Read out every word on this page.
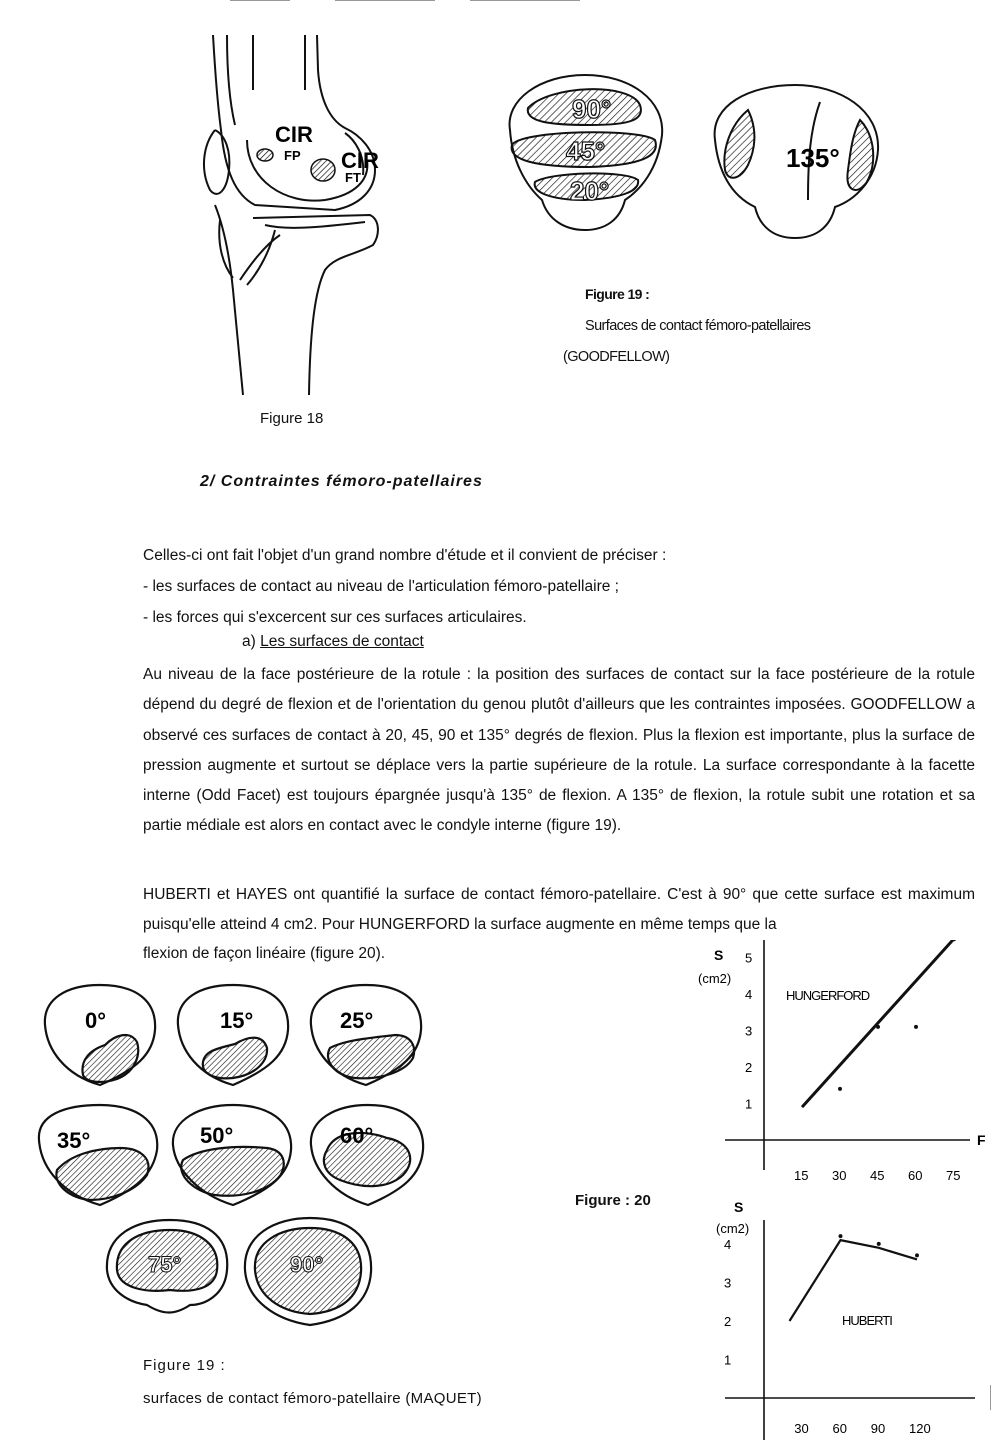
CIR
FP CIR
FT
Figure 18
90°
45°
20°
135°
Figure 19 :
Surfaces de contact fémoro-patellaires
(GOODFELLOW)
2/ Contraintes fémoro-patellaires
Celles-ci ont fait l'objet d'un grand nombre d'étude et il convient de préciser :
- les surfaces de contact au niveau de l'articulation fémoro-patellaire ;
- les forces qui s'excercent sur ces surfaces articulaires.
a) Les surfaces de contact

Au niveau de la face postérieure de la rotule : la position des surfaces de contact sur la face postérieure de la rotule dépend du degré de flexion et de l'orientation du genou plutôt d'ailleurs que les contraintes imposées. GOODFELLOW a observé ces surfaces de contact à 20, 45, 90 et 135° degrés de flexion. Plus la flexion est importante, plus la surface de pression augmente et surtout se déplace vers la partie supérieure de la rotule. La surface correspondante à la facette interne (Odd Facet) est toujours épargnée jusqu'à 135° de flexion. A 135° de flexion, la rotule subit une rotation et sa partie médiale est alors en contact avec le condyle interne (figure 19).

HUBERTI et HAYES ont quantifié la surface de contact fémoro-patellaire. C'est à 90° que cette surface est maximum puisqu'elle atteind 4 cm2. Pour HUNGERFORD la surface augmente en même temps que la

flexion de façon linéaire (figure 20).
0°	15°	25°
35°	50°	60°
75°	90°
Figure 19 :
surfaces de contact fémoro-patellaire (MAQUET)
Figure : 20
S
(cm2)
F
HUNGERFORD
1
2
3
4
5
15 30 45 60 75
S
(cm2)
HUBERTI
1
2
3
4
30 60 90 120
